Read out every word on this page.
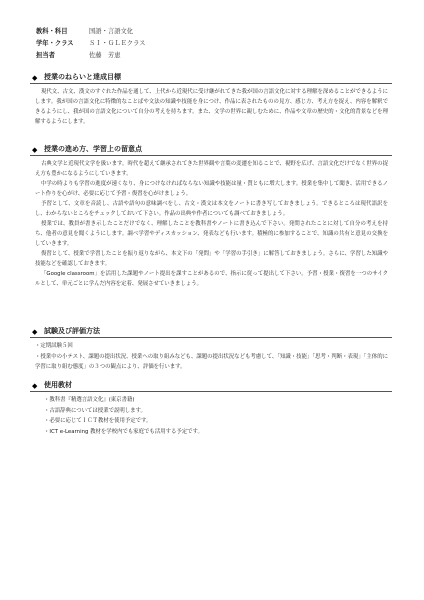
教科・科目	国語・言語文化
学年・クラス	ＳＩ・ＧＬＥクラス
担当者	佐藤　芳恵
◆ 授業のねらいと達成目標

現代文、古文、漢文のすぐれた作品を通して、上代から近現代に受け継がれてきた我が国の言語文化に対する理解を深めることができるようにします。我が国の言語文化に特徴的なことばや文法の知識や技能を身につけ、作品に表されたものの見方、感じ方、考え方を捉え、内容を解釈できるようにし、我が国の言語文化について自分の考えを持ちます。また、文学の世界に親しむために、作品や文章の歴史的・文化的背景などを理解するようにします。

◆ 授業の進め方、学習上の留意点

古典文学と近現代文学を扱います。時代を超えて継承されてきた世界観や言葉の変遷を知ることで、視野を広げ、言語文化だけでなく世界の捉え方も豊かになるようにしていきます。

中学の時よりも学習の進度が速くなり、身につけなければならない知識や技能は量・質ともに増大します。授業を集中して聞き、活用できるノート作りを心がけ、必要に応じて予習・復習を心がけましょう。

予習として、文章を音読し、古語や語句の意味調べをし、古文・漢文は本文をノートに書き写しておきましょう。できるところは現代語訳をし、わからないところをチェックしておいて下さい。作品の出典や作者についても調べておきましょう。

授業では、教員が書き示したことだけでなく、理解したことを教科書やノートに書き込んで下さい。発問されたことに対して自分の考えを持ち、他者の意見を聞くようにします。調べ学習やディスカッション、発表なども行います。積極的に参加することで、知識の共有と意見の交換をしていきます。

復習として、授業で学習したことを振り返りながら、本文下の「発問」や「学習の手引き」に解答しておきましょう。さらに、学習した知識や技能などを確認しておきます。

「Google classroom」を活用した課題やノート提出を課すことがあるので、指示に従って提出して下さい。予習・授業・復習を一つのサイクルとして、単元ごとに学んだ内容を定着、発展させていきましょう。

◆ 試験及び評価方法

・定期試験５回

・授業中の小テスト、課題の提出状況、授業への取り組みなども、課題の提出状況なども考慮して、「知識・技能」「思考・判断・表現」「主体的に学習に取り組む態度」の３つの観点により、評価を行います。

◆ 使用教材

・教科書『精選言語文化』(東京書籍)

・古語辞典については授業で説明します。

・必要に応じてＩＣＴ教材を使用予定です。

・ICT e-Learning 教材を学校内でも家庭でも活用する予定です。
